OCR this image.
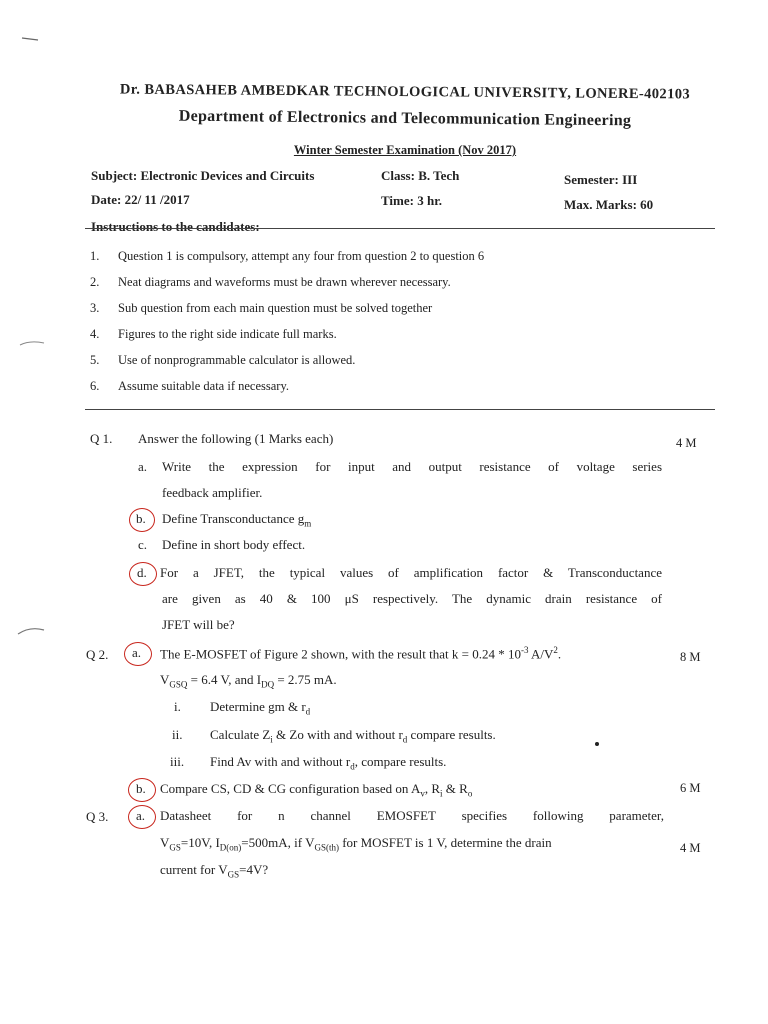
Dr. BABASAHEB AMBEDKAR TECHNOLOGICAL UNIVERSITY, LONERE-402103
Department of Electronics and Telecommunication Engineering
Winter Semester Examination (Nov 2017)
Subject: Electronic Devices and Circuits	Class: B. Tech	Semester: III
Date: 22/ 11 /2017	Time: 3 hr.	Max. Marks: 60
Instructions to the candidates:
1. Question 1 is compulsory, attempt any four from question 2 to question 6
2. Neat diagrams and waveforms must be drawn wherever necessary.
3. Sub question from each main question must be solved together
4. Figures to the right side indicate full marks.
5. Use of nonprogrammable calculator is allowed.
6. Assume suitable data if necessary.
Q 1. Answer the following (1 Marks each)	4 M
a. Write the expression for input and output resistance of voltage series
feedback amplifier.
b. Define Transconductance $g_m$
c. Define in short body effect.
d. For a JFET, the typical values of amplification factor & Transconductance
are given as 40 & 100 μS respectively. The dynamic drain resistance of
JFET will be?
Q 2. a. The E-MOSFET of Figure 2 shown, with the result that $k = 0.24 * 10^{-3}$ $A/V^2$.	8 M
$V_{GSQ} = 6.4$ V, and $I_{DQ} = 2.75$ mA.
i. Determine gm & $r_d$
ii. Calculate $Z_i$ & Zo with and without $r_d$ compare results.
iii. Find Av with and without $r_d$, compare results.
b. Compare CS, CD & CG configuration based on $A_v$, $R_i$ & $R_o$	6 M
Q 3. a. Datasheet for n channel EMOSFET specifies following parameter,
$V_{GS}=10V$, $I_{D(on)}=500mA$, if $V_{GS(th)}$ for MOSFET is 1 V, determine the drain	4 M
current for $V_{GS}=4V$?
